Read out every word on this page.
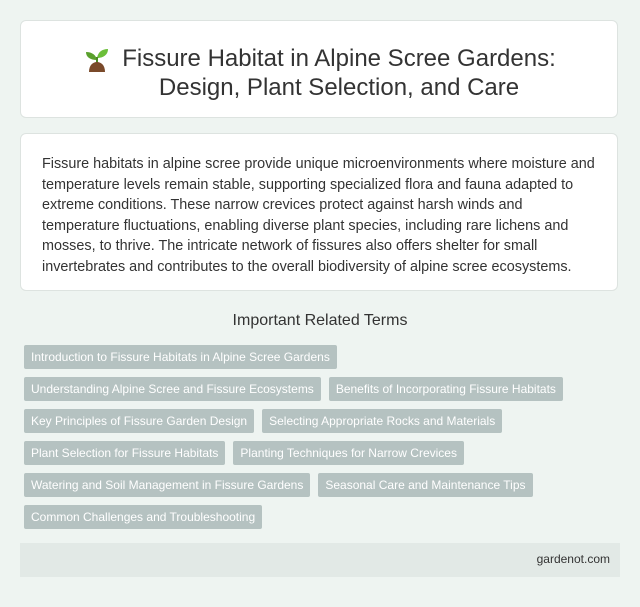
Fissure Habitat in Alpine Scree Gardens:
Design, Plant Selection, and Care

Fissure habitats in alpine scree provide unique microenvironments where moisture and temperature levels remain stable, supporting specialized flora and fauna adapted to extreme conditions. These narrow crevices protect against harsh winds and temperature fluctuations, enabling diverse plant species, including rare lichens and mosses, to thrive. The intricate network of fissures also offers shelter for small invertebrates and contributes to the overall biodiversity of alpine scree ecosystems.

Important Related Terms
Introduction to Fissure Habitats in Alpine Scree Gardens
Understanding Alpine Scree and Fissure Ecosystems	Benefits of Incorporating Fissure Habitats
Key Principles of Fissure Garden Design	Selecting Appropriate Rocks and Materials
Plant Selection for Fissure Habitats	Planting Techniques for Narrow Crevices
Watering and Soil Management in Fissure Gardens	Seasonal Care and Maintenance Tips
Common Challenges and Troubleshooting
gardenot.com
